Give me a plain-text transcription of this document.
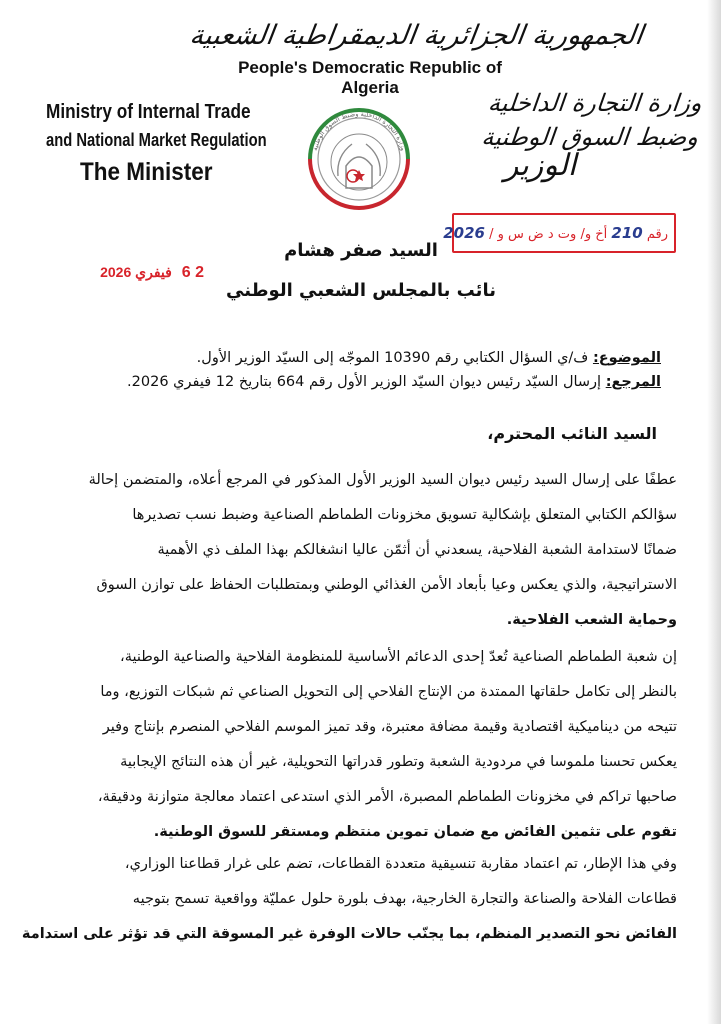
الجمهورية الجزائرية الديمقراطية الشعبية
People's Democratic Republic of Algeria
Ministry of Internal Trade
and National Market Regulation
The Minister
وزارة التجارة الداخلية وضبط السوق الوطنية
وزارة التجارة الداخلية
وضبط السوق الوطنية
الوزير
رقم 210 أخ و/ وت د ض س و / 2026
2 6 فيفري 2026
السيد صفر هشام
نائب بالمجلس الشعبي الوطني
الموضوع: ف/ي السؤال الكتابي رقم 10390 الموجّه إلى السيّد الوزير الأول.
المرجع: إرسال السيّد رئيس ديوان السيّد الوزير الأول رقم 664 بتاريخ 12 فيفري 2026.
السيد النائب المحترم،
عطفًا على إرسال السيد رئيس ديوان السيد الوزير الأول المذكور في المرجع أعلاه، والمتضمن إحالة
سؤالكم الكتابي المتعلق بإشكالية تسويق مخزونات الطماطم الصناعية وضبط نسب تصديرها
ضمانًا لاستدامة الشعبة الفلاحية، يسعدني أن أثمّن عاليا انشغالكم بهذا الملف ذي الأهمية
الاستراتيجية، والذي يعكس وعيا بأبعاد الأمن الغذائي الوطني وبمتطلبات الحفاظ على توازن السوق
وحماية الشعب الفلاحية.
إن شعبة الطماطم الصناعية تُعدّ إحدى الدعائم الأساسية للمنظومة الفلاحية والصناعية الوطنية،
بالنظر إلى تكامل حلقاتها الممتدة من الإنتاج الفلاحي إلى التحويل الصناعي ثم شبكات التوزيع، وما
تتيحه من ديناميكية اقتصادية وقيمة مضافة معتبرة، وقد تميز الموسم الفلاحي المنصرم بإنتاج وفير
يعكس تحسنا ملموسا في مردودية الشعبة وتطور قدراتها التحويلية، غير أن هذه النتائج الإيجابية
صاحبها تراكم في مخزونات الطماطم المصبرة، الأمر الذي استدعى اعتماد معالجة متوازنة ودقيقة،
تقوم على تثمين الفائض مع ضمان تموين منتظم ومستقر للسوق الوطنية.
وفي هذا الإطار، تم اعتماد مقاربة تنسيقية متعددة القطاعات، تضم على غرار قطاعنا الوزاري،
قطاعات الفلاحة والصناعة والتجارة الخارجية، بهدف بلورة حلول عمليّة وواقعية تسمح بتوجيه
الفائض نحو التصدير المنظم، بما يجنّب حالات الوفرة غير المسوقة التي قد تؤثر على استدامة
